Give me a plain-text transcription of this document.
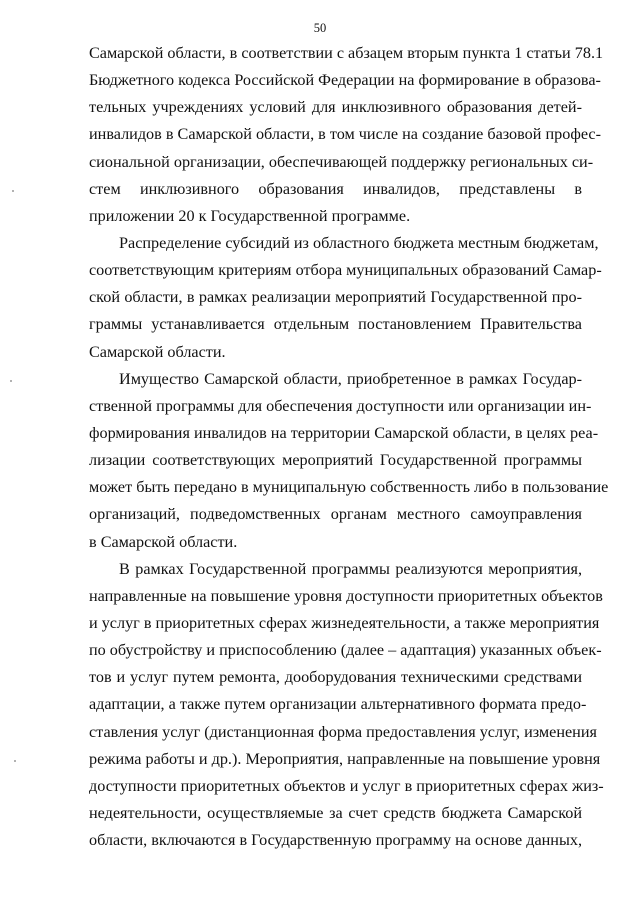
50

Самарской области, в соответствии с абзацем вторым пункта 1 статьи 78.1
Бюджетного кодекса Российской Федерации на формирование в образова-
тельных учреждениях условий для инклюзивного образования детей-
инвалидов в Самарской области, в том числе на создание базовой профес-
сиональной организации, обеспечивающей поддержку региональных си-
стем инклюзивного образования инвалидов, представлены в
приложении 20 к Государственной программе.

Распределение субсидий из областного бюджета местным бюджетам,
соответствующим критериям отбора муниципальных образований Самар-
ской области, в рамках реализации мероприятий Государственной про-
граммы устанавливается отдельным постановлением Правительства
Самарской области.

Имущество Самарской области, приобретенное в рамках Государ-
ственной программы для обеспечения доступности или организации ин-
формирования инвалидов на территории Самарской области, в целях реа-
лизации соответствующих мероприятий Государственной программы
может быть передано в муниципальную собственность либо в пользование
организаций, подведомственных органам местного самоуправления
в Самарской области.

В рамках Государственной программы реализуются мероприятия,
направленные на повышение уровня доступности приоритетных объектов
и услуг в приоритетных сферах жизнедеятельности, а также мероприятия
по обустройству и приспособлению (далее – адаптация) указанных объек-
тов и услуг путем ремонта, дооборудования техническими средствами
адаптации, а также путем организации альтернативного формата предо-
ставления услуг (дистанционная форма предоставления услуг, изменения
режима работы и др.). Мероприятия, направленные на повышение уровня
доступности приоритетных объектов и услуг в приоритетных сферах жиз-
недеятельности, осуществляемые за счет средств бюджета Самарской
области, включаются в Государственную программу на основе данных,
